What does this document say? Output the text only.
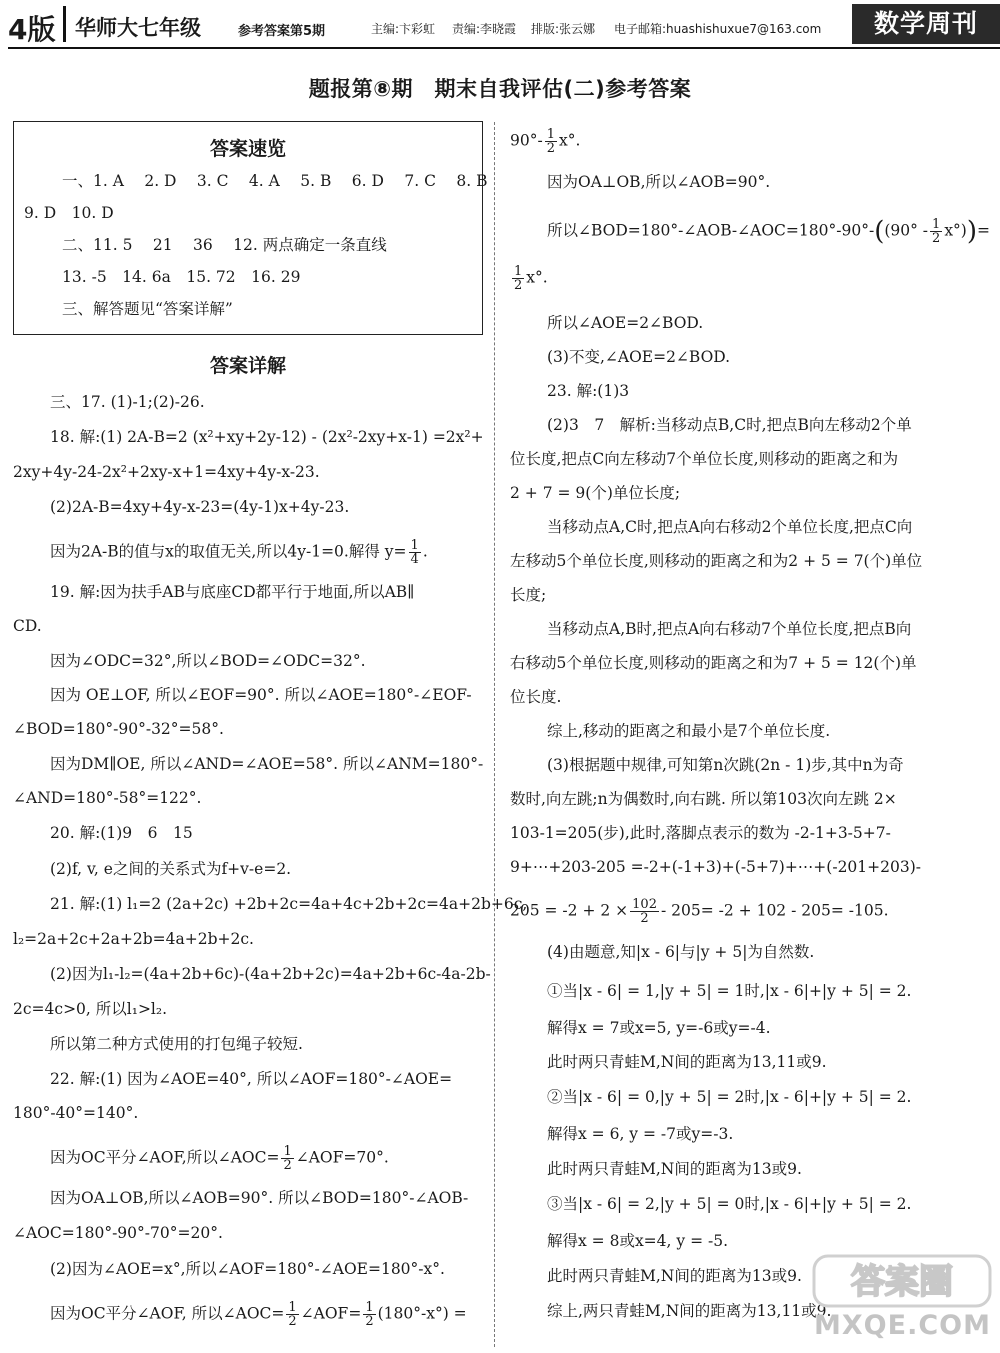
4版 华师大七年级	参考答案第5期	主编:卞彩虹 责编:李晓霞 排版:张云娜 电子邮箱:huashishuxue7@163.com	数学周刊
题报第⑧期　期末自我评估(二)参考答案
答案速览
一、1. A　 2. D　 3. C　 4. A　 5. B　 6. D　 7. C　 8. B
9. D　10. D
二、11. 5　 21　 36　 12. 两点确定一条直线
13. -5　14. 6a　15. 72　16. 29
三、解答题见“答案详解”
答案详解
三、17. (1)-1;(2)-26.
18. 解:(1) 2A-B=2 (x²+xy+2y-12) - (2x²-2xy+x-1) =2x²+
2xy+4y-24-2x²+2xy-x+1=4xy+4y-x-23.
(2)2A-B=4xy+4y-x-23=(4y-1)x+4y-23.
因为2A-B的值与x的取值无关,所以4y-1=0.解得 $y= \frac{1}{4}$ .
19. 解:因为扶手AB与底座CD都平行于地面,所以AB∥
CD.
因为∠ODC=32°,所以∠BOD=∠ODC=32°.
因为 OE⊥OF, 所以∠EOF=90°. 所以∠AOE=180°-∠EOF-
∠BOD=180°-90°-32°=58°.
因为DM∥OE, 所以∠AND=∠AOE=58°. 所以∠ANM=180°-
∠AND=180°-58°=122°.
20. 解:(1)9　6　15
(2)f, v, e之间的关系式为f+v-e=2.
21. 解:(1) l₁=2 (2a+2c) +2b+2c=4a+4c+2b+2c=4a+2b+6c,
l₂=2a+2c+2a+2b=4a+2b+2c.
(2)因为l₁-l₂=(4a+2b+6c)-(4a+2b+2c)=4a+2b+6c-4a-2b-
2c=4c>0, 所以l₁>l₂.
所以第二种方式使用的打包绳子较短.
22. 解:(1) 因为∠AOE=40°, 所以∠AOF=180°-∠AOE=
180°-40°=140°.
因为OC平分∠AOF,所以∠AOC= $\frac{1}{2}$ ∠AOF=70°.
因为OA⊥OB,所以∠AOB=90°. 所以∠BOD=180°-∠AOB-
∠AOC=180°-90°-70°=20°.
(2)因为∠AOE=x°,所以∠AOF=180°-∠AOE=180°-x°.
因为OC平分∠AOF, 所以∠AOC= $\frac{1}{2}$ ∠AOF= $\frac{1}{2} (180^\circ-x^\circ)$ =
$90^\circ- \frac{1}{2} x^\circ$.
因为OA⊥OB,所以∠AOB=90°.
所以∠BOD=180°-∠AOB-∠AOC=180°-90°-((90° - $\frac{1}{2} x^\circ))=$
$\frac{1}{2} x^\circ$.
所以∠AOE=2∠BOD.
(3)不变,∠AOE=2∠BOD.
23. 解:(1)3
(2)3　7　解析:当移动点B,C时,把点B向左移动2个单
位长度,把点C向左移动7个单位长度,则移动的距离之和为
2 + 7 = 9(个)单位长度;
当移动点A,C时,把点A向右移动2个单位长度,把点C向
左移动5个单位长度,则移动的距离之和为2 + 5 = 7(个)单位
长度;
当移动点A,B时,把点A向右移动7个单位长度,把点B向
右移动5个单位长度,则移动的距离之和为7 + 5 = 12(个)单
位长度.
综上,移动的距离之和最小是7个单位长度.
(3)根据题中规律,可知第n次跳(2n - 1)步,其中n为奇
数时,向左跳;n为偶数时,向右跳. 所以第103次向左跳 2×
103-1=205(步),此时,落脚点表示的数为 -2-1+3-5+7-
9+⋯+203-205 =-2+(-1+3)+(-5+7)+⋯+(-201+203)-
$205 = -2 + 2 \times \frac{102}{2} - 205= -2 + 102 - 205= -105$.
(4)由题意,知|x - 6|与|y + 5|为自然数.
①当|x - 6| = 1,|y + 5| = 1时,|x - 6|+|y + 5| = 2.
解得x = 7或x=5, y=-6或y=-4.
此时两只青蛙M,N间的距离为13,11或9.
②当|x - 6| = 0,|y + 5| = 2时,|x - 6|+|y + 5| = 2.
解得x = 6, y = -7或y=-3.
此时两只青蛙M,N间的距离为13或9.
③当|x - 6| = 2,|y + 5| = 0时,|x - 6|+|y + 5| = 2.
解得x = 8或x=4, y = -5.
此时两只青蛙M,N间的距离为13或9.
综上,两只青蛙M,N间的距离为13,11或9.
答案圈
MXQE.COM
